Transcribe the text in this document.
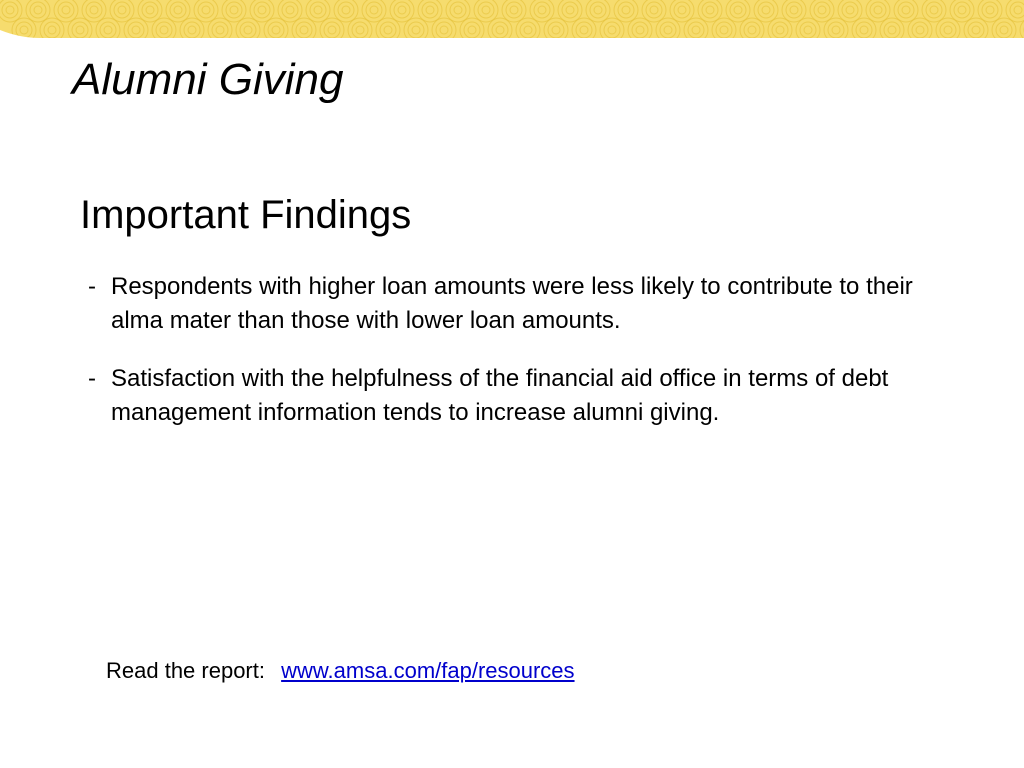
Alumni Giving
Important Findings
- Respondents with higher loan amounts were less likely to contribute to their alma mater than those with lower loan amounts.
- Satisfaction with the helpfulness of the financial aid office in terms of debt management information tends to increase alumni giving.
Read the report: www.amsa.com/fap/resources
